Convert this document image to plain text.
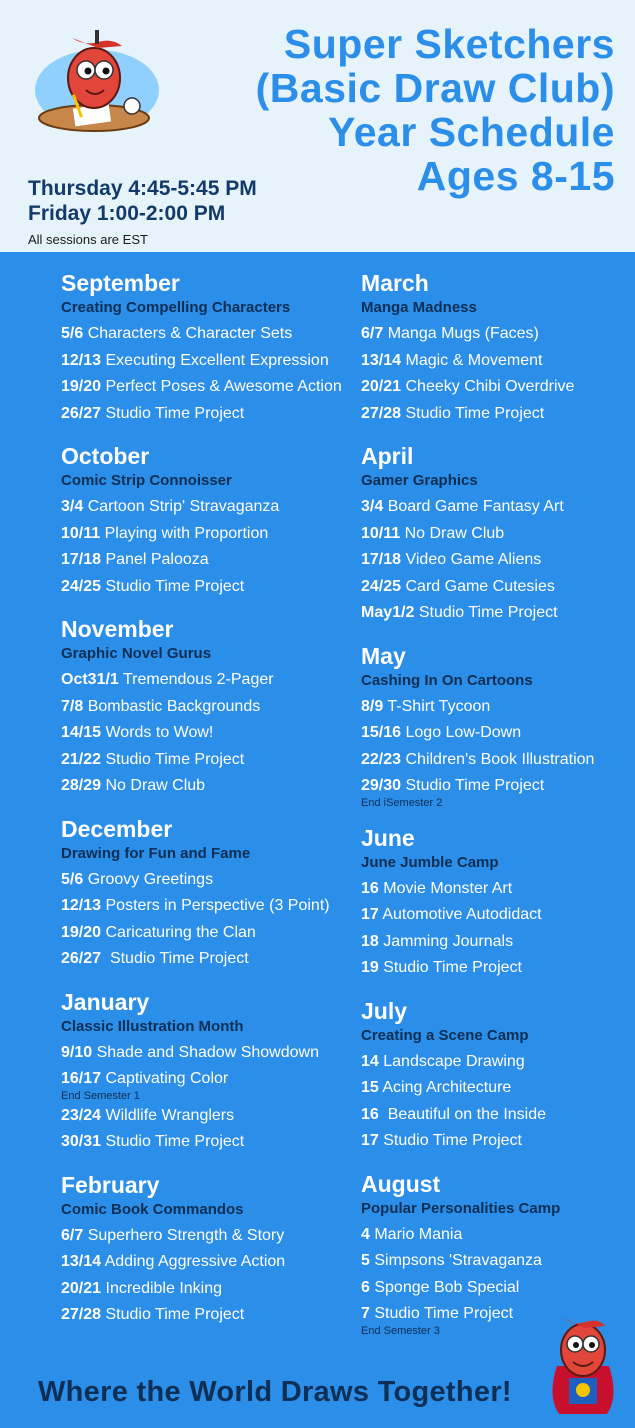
Super Sketchers
(Basic Draw Club)
Year Schedule
Ages 8-15
Thursday 4:45-5:45 PM
Friday 1:00-2:00 PM
All sessions are EST
September
Creating Compelling Characters
5/6 Characters & Character Sets
12/13 Executing Excellent Expression
19/20 Perfect Poses & Awesome Action
26/27 Studio Time Project
October
Comic Strip Connoisser
3/4 Cartoon Strip' Stravaganza
10/11 Playing with Proportion
17/18 Panel Palooza
24/25 Studio Time Project
November
Graphic Novel Gurus
Oct31/1 Tremendous 2-Pager
7/8 Bombastic Backgrounds
14/15 Words to Wow!
21/22 Studio Time Project
28/29 No Draw Club
December
Drawing for Fun and Fame
5/6 Groovy Greetings
12/13 Posters in Perspective (3 Point)
19/20 Caricaturing the Clan
26/27  Studio Time Project
January
Classic Illustration Month
9/10 Shade and Shadow Showdown
16/17 Captivating Color
End Semester 1
23/24 Wildlife Wranglers
30/31 Studio Time Project
February
Comic Book Commandos
6/7 Superhero Strength & Story
13/14 Adding Aggressive Action
20/21 Incredible Inking
27/28 Studio Time Project
March
Manga Madness
6/7 Manga Mugs (Faces)
13/14 Magic & Movement
20/21 Cheeky Chibi Overdrive
27/28 Studio Time Project
April
Gamer Graphics
3/4 Board Game Fantasy Art
10/11 No Draw Club
17/18 Video Game Aliens
24/25 Card Game Cutesies
May1/2 Studio Time Project
May
Cashing In On Cartoons
8/9 T-Shirt Tycoon
15/16 Logo Low-Down
22/23 Children's Book Illustration
29/30 Studio Time Project
End iSemester 2
June
June Jumble Camp
16 Movie Monster Art
17 Automotive Autodidact
18 Jamming Journals
19 Studio Time Project
July
Creating a Scene Camp
14 Landscape Drawing
15 Acing Architecture
16  Beautiful on the Inside
17 Studio Time Project
August
Popular Personalities Camp
4 Mario Mania
5 Simpsons 'Stravaganza
6 Sponge Bob Special
7 Studio Time Project
End Semester 3
Where the World Draws Together!
